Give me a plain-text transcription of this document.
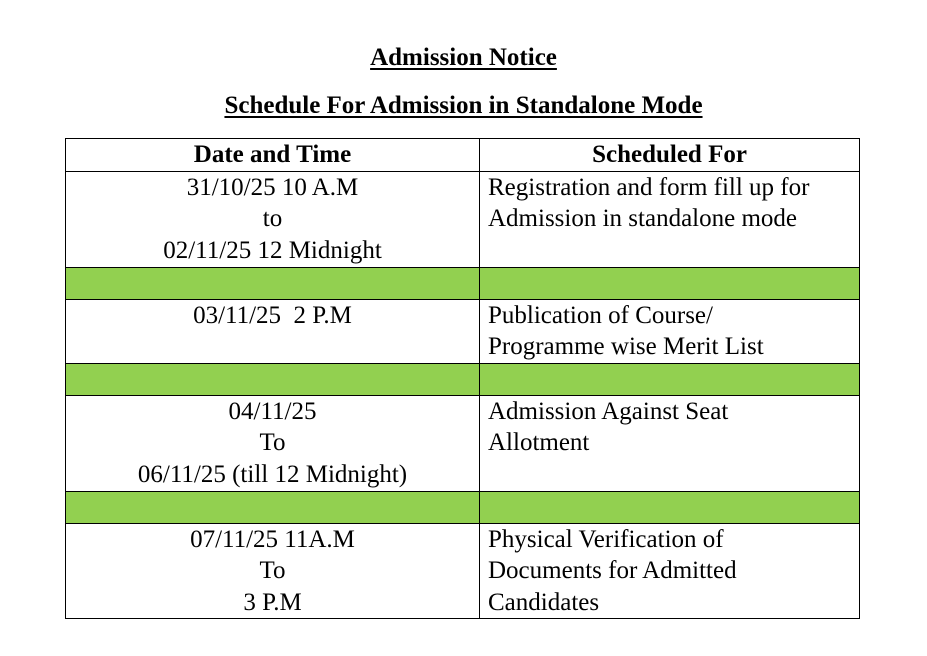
Admission Notice
Schedule For Admission in Standalone Mode
Date and Time	Scheduled For

31/10/25 10 A.M
to
02/11/25 12 Midnight	Registration and form fill up for
Admission in standalone mode

03/11/25  2 P.M	Publication of Course/
Programme wise Merit List

04/11/25
To
06/11/25 (till 12 Midnight)	Admission Against Seat
Allotment

07/11/25 11A.M
To
3 P.M	Physical Verification of
Documents for Admitted
Candidates
